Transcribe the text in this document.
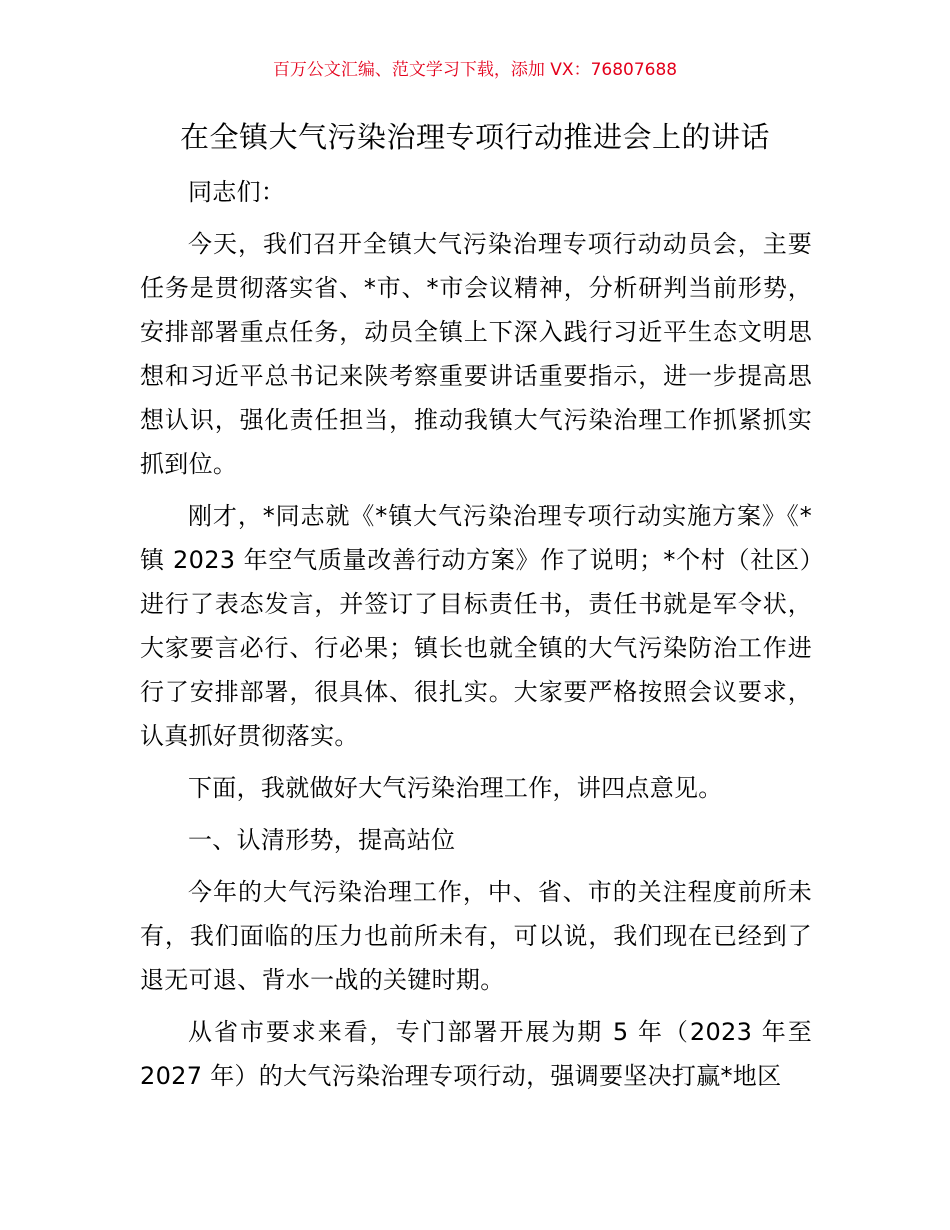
百万公文汇编、范文学习下载，添加 VX：76807688
在全镇大气污染治理专项行动推进会上的讲话

同志们：

今天，我们召开全镇大气污染治理专项行动动员会，主要任务是贯彻落实省、*市、*市会议精神，分析研判当前形势，安排部署重点任务，动员全镇上下深入践行习近平生态文明思想和习近平总书记来陕考察重要讲话重要指示，进一步提高思想认识，强化责任担当，推动我镇大气污染治理工作抓紧抓实抓到位。

刚才，*同志就《*镇大气污染治理专项行动实施方案》《*镇 2023 年空气质量改善行动方案》作了说明；*个村（社区）进行了表态发言，并签订了目标责任书，责任书就是军令状，大家要言必行、行必果；镇长也就全镇的大气污染防治工作进行了安排部署，很具体、很扎实。大家要严格按照会议要求，认真抓好贯彻落实。

下面，我就做好大气污染治理工作，讲四点意见。

一、认清形势，提高站位

今年的大气污染治理工作，中、省、市的关注程度前所未有，我们面临的压力也前所未有，可以说，我们现在已经到了退无可退、背水一战的关键时期。

从省市要求来看，专门部署开展为期 5 年（2023 年至 2027 年）的大气污染治理专项行动，强调要坚决打赢*地区
